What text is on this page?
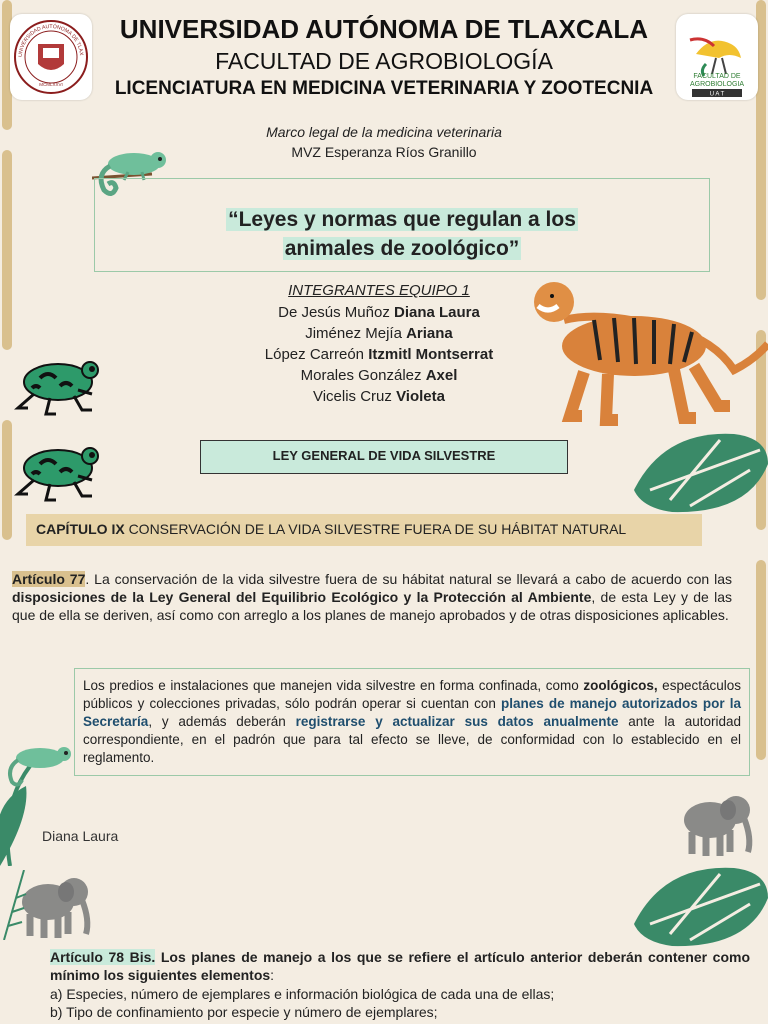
UNIVERSIDAD AUTÓNOMA DE TLAX
MCMLXXVI
FACULTAD DE
AGROBIOLOGIA
U A T
UNIVERSIDAD AUTÓNOMA DE TLAXCALA
FACULTAD DE AGROBIOLOGÍA
LICENCIATURA EN MEDICINA VETERINARIA Y ZOOTECNIA
Marco legal de la medicina veterinaria
MVZ Esperanza Ríos Granillo
“Leyes y normas que regulan a los
animales de zoológico”
INTEGRANTES EQUIPO 1
De Jesús Muñoz Diana Laura
Jiménez Mejía Ariana
López Carreón Itzmitl Montserrat
Morales González Axel
Vicelis Cruz Violeta
LEY GENERAL DE VIDA SILVESTRE
CAPÍTULO IX CONSERVACIÓN DE LA VIDA SILVESTRE FUERA DE SU HÁBITAT NATURAL
Artículo 77. La conservación de la vida silvestre fuera de su hábitat natural se llevará a cabo de acuerdo con las disposiciones de la Ley General del Equilibrio Ecológico y la Protección al Ambiente, de esta Ley y de las que de ella se deriven, así como con arreglo a los planes de manejo aprobados y de otras disposiciones aplicables.
Los predios e instalaciones que manejen vida silvestre en forma confinada, como zoológicos, espectáculos públicos y colecciones privadas, sólo podrán operar si cuentan con planes de manejo autorizados por la Secretaría, y además deberán registrarse y actualizar sus datos anualmente ante la autoridad correspondiente, en el padrón que para tal efecto se lleve, de conformidad con lo establecido en el reglamento.
Diana Laura
Artículo 78 Bis. Los planes de manejo a los que se refiere el artículo anterior deberán contener como mínimo los siguientes elementos:
a) Especies, número de ejemplares e información biológica de cada una de ellas;
b) Tipo de confinamiento por especie y número de ejemplares;
